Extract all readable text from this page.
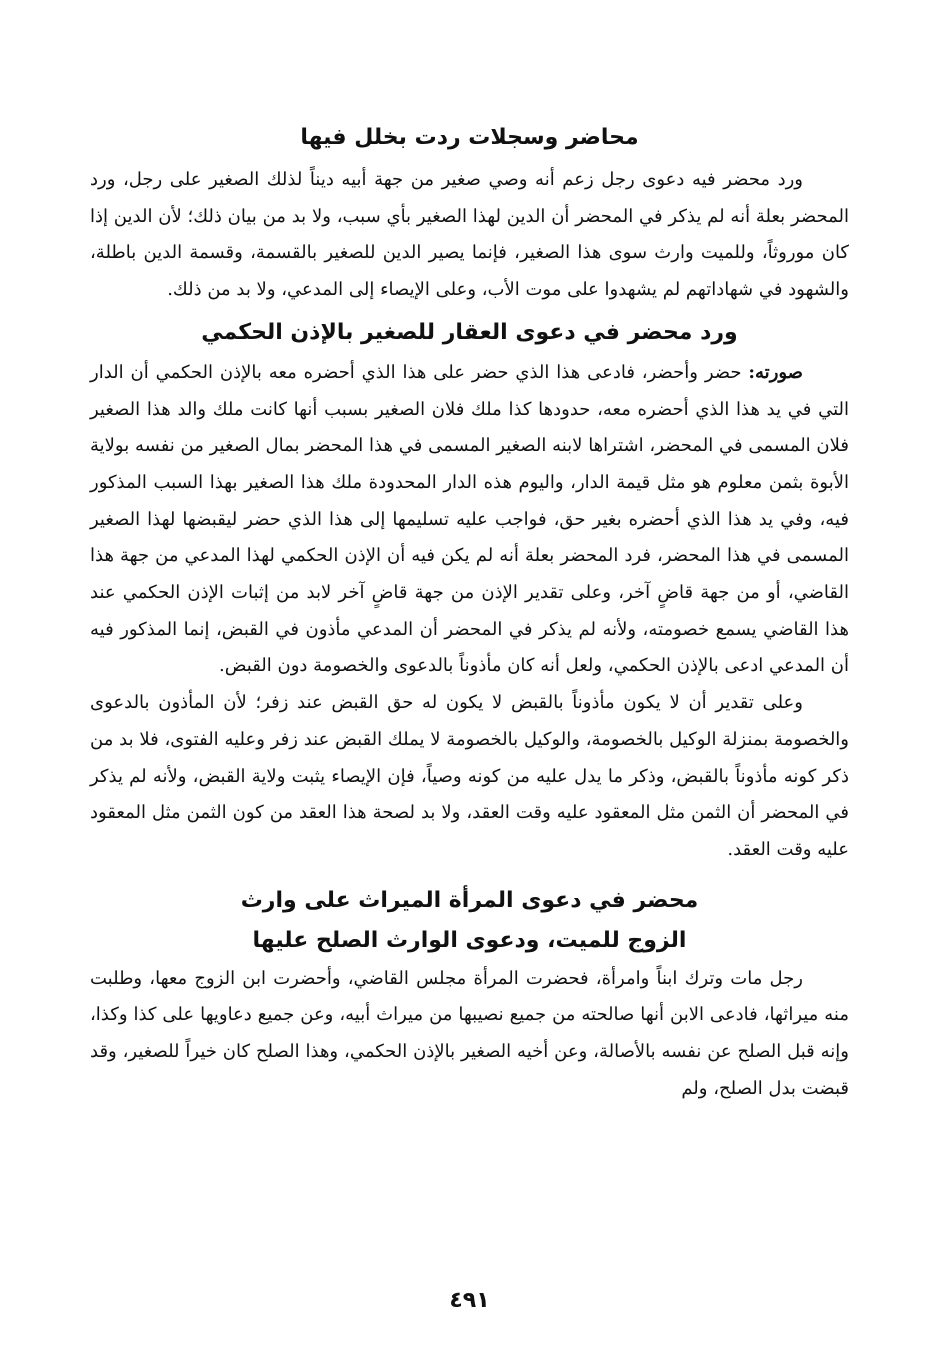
محاضر وسجلات ردت بخلل فيها

ورد محضر فيه دعوى رجل زعم أنه وصي صغير من جهة أبيه ديناً لذلك الصغير على رجل، ورد المحضر بعلة أنه لم يذكر في المحضر أن الدين لهذا الصغير بأي سبب، ولا بد من بيان ذلك؛ لأن الدين إذا كان موروثاً، وللميت وارث سوى هذا الصغير، فإنما يصير الدين للصغير بالقسمة، وقسمة الدين باطلة، والشهود في شهاداتهم لم يشهدوا على موت الأب، وعلى الإيصاء إلى المدعي، ولا بد من ذلك.

ورد محضر في دعوى العقار للصغير بالإذن الحكمي

صورته: حضر وأحضر، فادعى هذا الذي حضر على هذا الذي أحضره معه بالإذن الحكمي أن الدار التي في يد هذا الذي أحضره معه، حدودها كذا ملك فلان الصغير بسبب أنها كانت ملك والد هذا الصغير فلان المسمى في المحضر، اشتراها لابنه الصغير المسمى في هذا المحضر بمال الصغير من نفسه بولاية الأبوة بثمن معلوم هو مثل قيمة الدار، واليوم هذه الدار المحدودة ملك هذا الصغير بهذا السبب المذكور فيه، وفي يد هذا الذي أحضره بغير حق، فواجب عليه تسليمها إلى هذا الذي حضر ليقبضها لهذا الصغير المسمى في هذا المحضر، فرد المحضر بعلة أنه لم يكن فيه أن الإذن الحكمي لهذا المدعي من جهة هذا القاضي، أو من جهة قاضٍ آخر، وعلى تقدير الإذن من جهة قاضٍ آخر لابد من إثبات الإذن الحكمي عند هذا القاضي يسمع خصومته، ولأنه لم يذكر في المحضر أن المدعي مأذون في القبض، إنما المذكور فيه أن المدعي ادعى بالإذن الحكمي، ولعل أنه كان مأذوناً بالدعوى والخصومة دون القبض.

وعلى تقدير أن لا يكون مأذوناً بالقبض لا يكون له حق القبض عند زفر؛ لأن المأذون بالدعوى والخصومة بمنزلة الوكيل بالخصومة، والوكيل بالخصومة لا يملك القبض عند زفر وعليه الفتوى، فلا بد من ذكر كونه مأذوناً بالقبض، وذكر ما يدل عليه من كونه وصياً، فإن الإيصاء يثبت ولاية القبض، ولأنه لم يذكر في المحضر أن الثمن مثل المعقود عليه وقت العقد، ولا بد لصحة هذا العقد من كون الثمن مثل المعقود عليه وقت العقد.

محضر في دعوى المرأة الميراث على وارث
الزوج للميت، ودعوى الوارث الصلح عليها

رجل مات وترك ابناً وامرأة، فحضرت المرأة مجلس القاضي، وأحضرت ابن الزوج معها، وطلبت منه ميراثها، فادعى الابن أنها صالحته من جميع نصيبها من ميراث أبيه، وعن جميع دعاويها على كذا وكذا، وإنه قبل الصلح عن نفسه بالأصالة، وعن أخيه الصغير بالإذن الحكمي، وهذا الصلح كان خيراً للصغير، وقد قبضت بدل الصلح، ولم

٤٩١
